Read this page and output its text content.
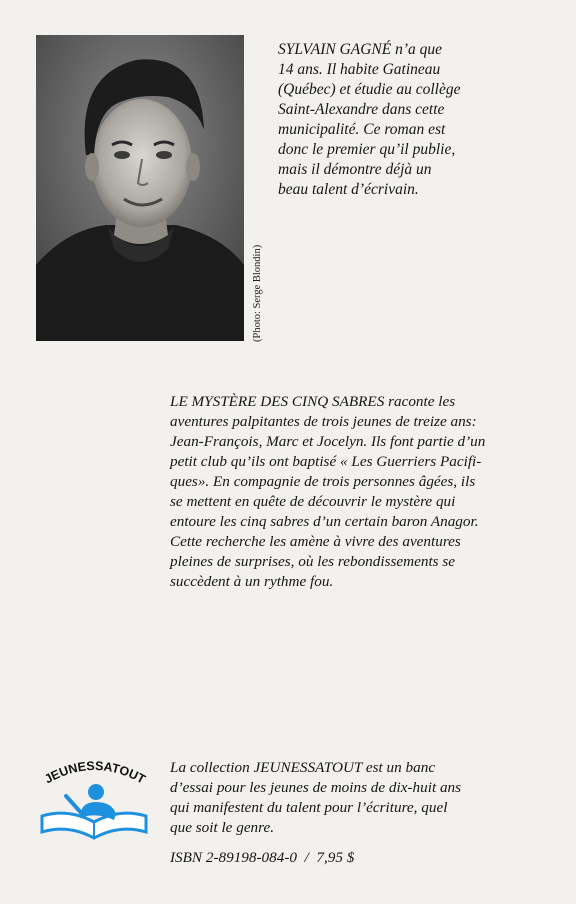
(Photo: Serge Blondin)
SYLVAIN GAGNÉ n’a que
14 ans. Il habite Gatineau
(Québec) et étudie au collège
Saint-Alexandre dans cette
municipalité. Ce roman est
donc le premier qu’il publie,
mais il démontre déjà un
beau talent d’écrivain.
LE MYSTÈRE DES CINQ SABRES raconte les
aventures palpitantes de trois jeunes de treize ans:
Jean-François, Marc et Jocelyn. Ils font partie d’un
petit club qu’ils ont baptisé « Les Guerriers Pacifi-
ques». En compagnie de trois personnes âgées, ils
se mettent en quête de découvrir le mystère qui
entoure les cinq sabres d’un certain baron Anagor.
Cette recherche les amène à vivre des aventures
pleines de surprises, où les rebondissements se
succèdent à un rythme fou.
JEUNESSATOUT
La collection JEUNESSATOUT est un banc
d’essai pour les jeunes de moins de dix-huit ans
qui manifestent du talent pour l’écriture, quel
que soit le genre.
ISBN 2-89198-084-0  /  7,95 $
